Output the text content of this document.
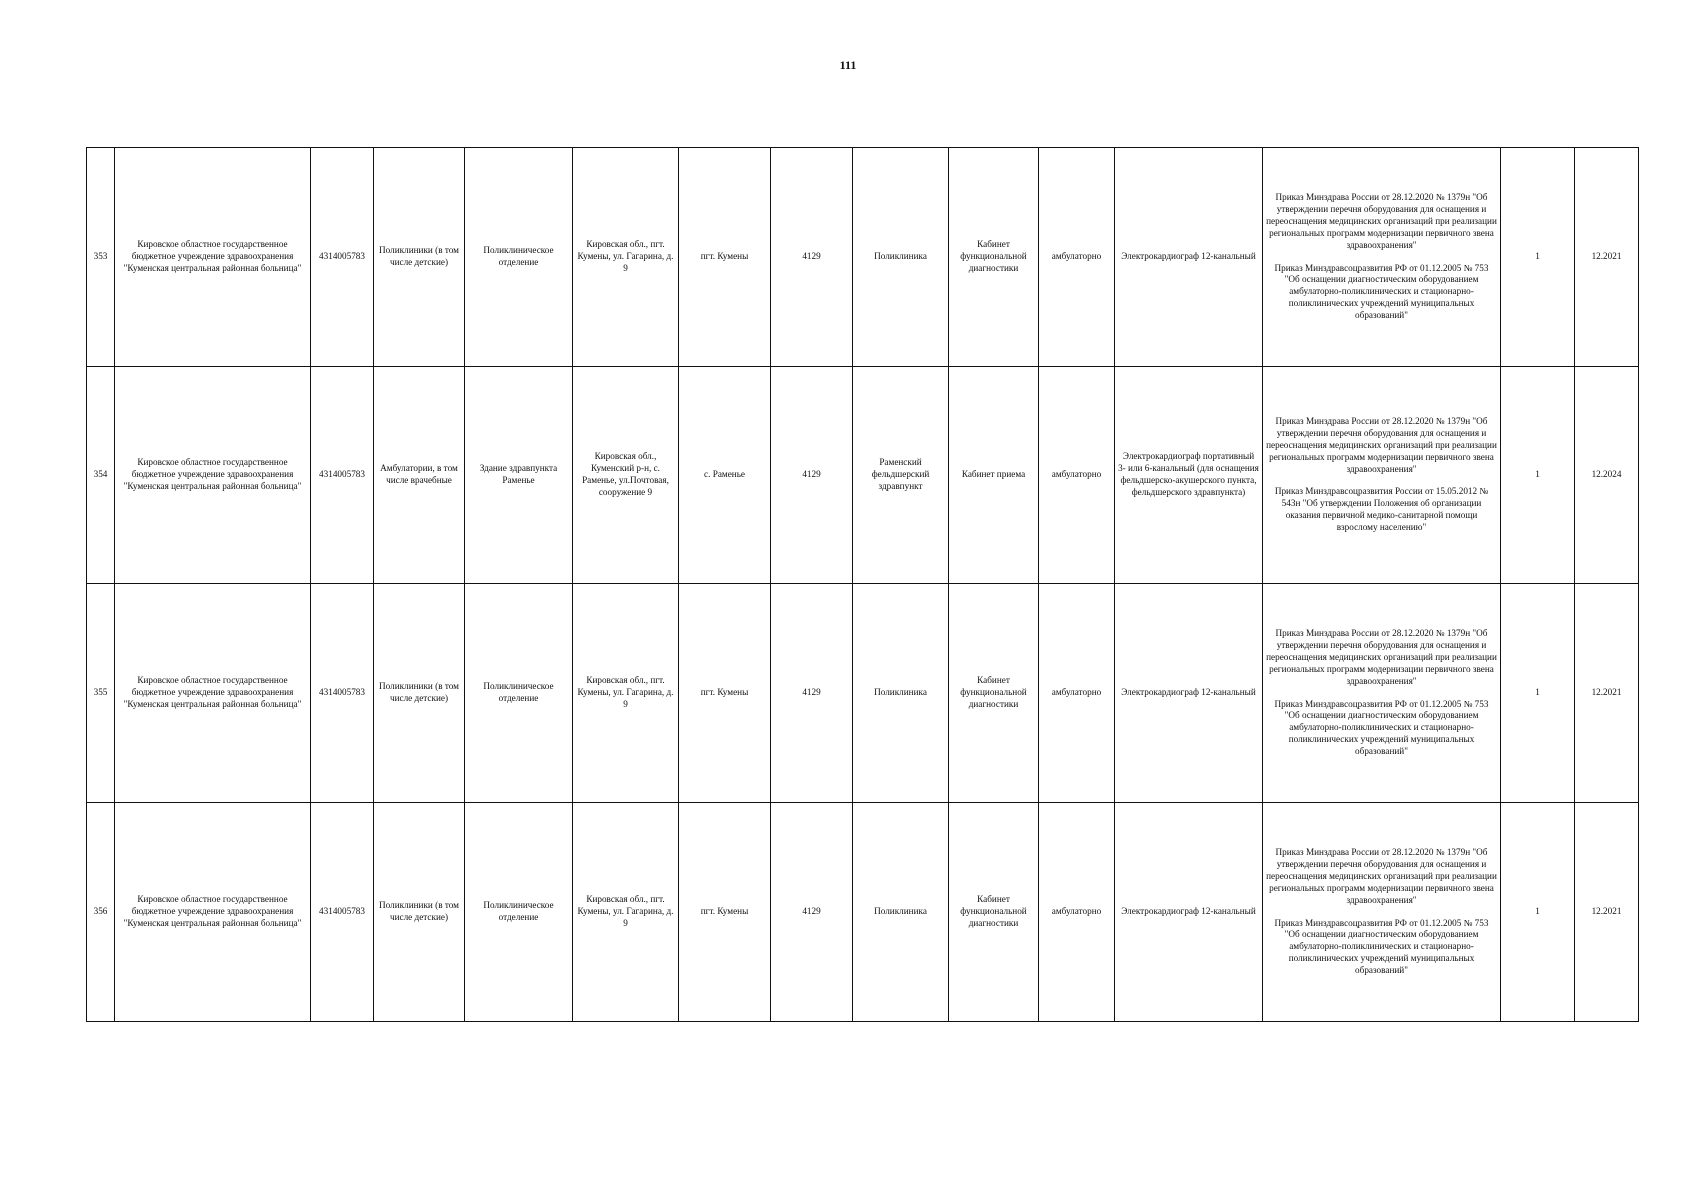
111
353	Кировское областное государственное бюджетное учреждение здравоохранения "Куменская центральная районная больница"	4314005783	Поликлиники (в том числе детские)	Поликлиническое отделение	Кировская обл., пгт. Кумены, ул. Гагарина, д. 9	пгт. Кумены	4129	Поликлиника	Кабинет функциональной диагностики	амбулаторно	Электрокардиограф 12-канальный	Приказ Минздрава России от 28.12.2020 № 1379н "Об утверждении перечня оборудования для оснащения и переоснащения медицинских организаций при реализации региональных программ модернизации первичного звена здравоохранения"
Приказ Минздравсоцразвития РФ от 01.12.2005 № 753 "Об оснащении диагностическим оборудованием амбулаторно-поликлинических и стационарно-поликлинических учреждений муниципальных образований"	1	12.2021
354	Кировское областное государственное бюджетное учреждение здравоохранения "Куменская центральная районная больница"	4314005783	Амбулатории, в том числе врачебные	Здание здравпункта Раменье	Кировская обл., Куменский р-н, с. Раменье, ул.Почтовая, сооружение 9	с. Раменье	4129	Раменский фельдшерский здравпункт	Кабинет приема	амбулаторно	Электрокардиограф портативный 3- или 6-канальный (для оснащения фельдшерско-акушерского пункта, фельдшерского здравпункта)	Приказ Минздрава России от 28.12.2020 № 1379н "Об утверждении перечня оборудования для оснащения и переоснащения медицинских организаций при реализации региональных программ модернизации первичного звена здравоохранения"
Приказ Минздравсоцразвития России от 15.05.2012 № 543н "Об утверждении Положения об организации оказания первичной медико-санитарной помощи взрослому населению"	1	12.2024
355	Кировское областное государственное бюджетное учреждение здравоохранения "Куменская центральная районная больница"	4314005783	Поликлиники (в том числе детские)	Поликлиническое отделение	Кировская обл., пгт. Кумены, ул. Гагарина, д. 9	пгт. Кумены	4129	Поликлиника	Кабинет функциональной диагностики	амбулаторно	Электрокардиограф 12-канальный	Приказ Минздрава России от 28.12.2020 № 1379н "Об утверждении перечня оборудования для оснащения и переоснащения медицинских организаций при реализации региональных программ модернизации первичного звена здравоохранения"
Приказ Минздравсоцразвития РФ от 01.12.2005 № 753 "Об оснащении диагностическим оборудованием амбулаторно-поликлинических и стационарно-поликлинических учреждений муниципальных образований"	1	12.2021
356	Кировское областное государственное бюджетное учреждение здравоохранения "Куменская центральная районная больница"	4314005783	Поликлиники (в том числе детские)	Поликлиническое отделение	Кировская обл., пгт. Кумены, ул. Гагарина, д. 9	пгт. Кумены	4129	Поликлиника	Кабинет функциональной диагностики	амбулаторно	Электрокардиограф 12-канальный	Приказ Минздрава России от 28.12.2020 № 1379н "Об утверждении перечня оборудования для оснащения и переоснащения медицинских организаций при реализации региональных программ модернизации первичного звена здравоохранения"
Приказ Минздравсоцразвития РФ от 01.12.2005 № 753 "Об оснащении диагностическим оборудованием амбулаторно-поликлинических и стационарно-поликлинических учреждений муниципальных образований"	1	12.2021
